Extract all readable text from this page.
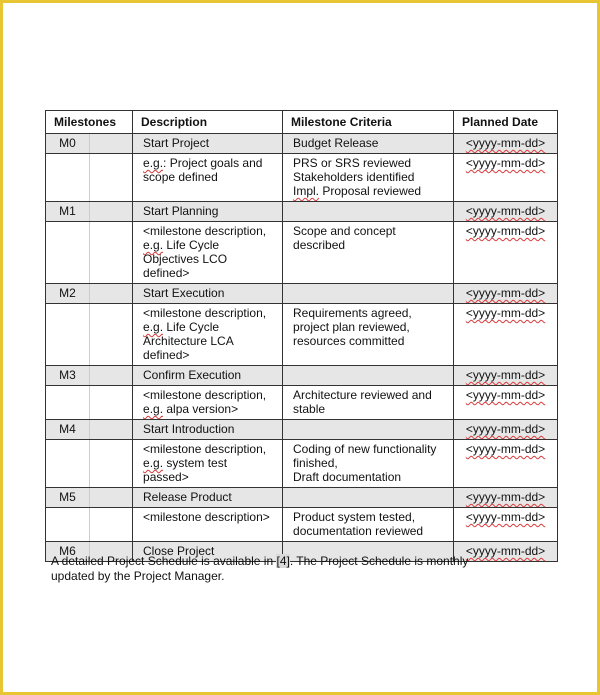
Milestones		Description	Milestone Criteria	Planned Date
M0		Start Project	Budget Release	<yyyy-mm-dd>

		e.g.: Project goals and
scope defined	PRS or SRS reviewed
Stakeholders identified
Impl. Proposal reviewed	<yyyy-mm-dd>
M1		Start Planning		<yyyy-mm-dd>

		<milestone description,
e.g. Life Cycle
Objectives LCO
defined>	Scope and concept
described	<yyyy-mm-dd>
M2		Start Execution		<yyyy-mm-dd>

		<milestone description,
e.g. Life Cycle
Architecture LCA
defined>	Requirements agreed,
project plan reviewed,
resources committed	<yyyy-mm-dd>
M3		Confirm Execution		<yyyy-mm-dd>

		<milestone description,
e.g. alpa version>	Architecture reviewed and
stable	<yyyy-mm-dd>
M4		Start Introduction		<yyyy-mm-dd>

		<milestone description,
e.g. system test
passed>	Coding of new functionality
finished,
Draft documentation	<yyyy-mm-dd>
M5		Release Product		<yyyy-mm-dd>

		<milestone description>	Product system tested,
documentation reviewed	<yyyy-mm-dd>
M6		Close Project		<yyyy-mm-dd>
A detailed Project Schedule is available in [4]. The Project Schedule is monthly
updated by the Project Manager.
